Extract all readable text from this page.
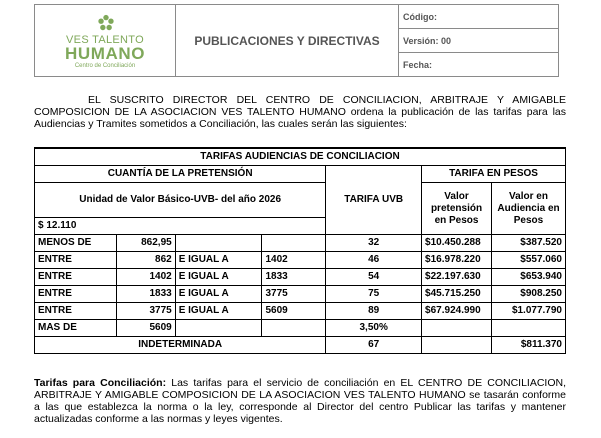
VES TALENTO
HUMANO
Centro de Conciliación
	PUBLICACIONES Y DIRECTIVAS	Código:
Versión: 00
Fecha:

EL SUSCRITO DIRECTOR DEL CENTRO DE CONCILIACION, ARBITRAJE Y AMIGABLE COMPOSICION DE LA ASOCIACION VES TALENTO HUMANO ordena la publicación de las tarifas para las Audiencias y Tramites sometidos a Conciliación, las cuales serán las siguientes:

TARIFAS AUDIENCIAS DE CONCILIACION						
CUANTÍA DE LA PRETENSIÓN				TARIFA UVB	TARIFA EN PESOS	
Unidad de Valor Básico-UVB- del año 2026					Valor pretensión en Pesos	Valor en Audiencia en Pesos
$ 12.110						
MENOS DE	862,95			32	$10.450.288	$387.520
ENTRE	862	E IGUAL A	1402	46	$16.978.220	$557.060
ENTRE	1402	E IGUAL A	1833	54	$22.197.630	$653.940
ENTRE	1833	E IGUAL A	3775	75	$45.715.250	$908.250
ENTRE	3775	E IGUAL A	5609	89	$67.924.990	$1.077.790
MAS DE	5609			3,50%		
INDETERMINADA				67		$811.370

Tarifas para Conciliación: Las tarifas para el servicio de conciliación en EL CENTRO DE CONCILIACION, ARBITRAJE Y AMIGABLE COMPOSICION DE LA ASOCIACION VES TALENTO HUMANO se tasarán conforme a las que establezca la norma o la ley, corresponde al Director del centro Publicar las tarifas y mantener actualizadas conforme a las normas y leyes vigentes.
